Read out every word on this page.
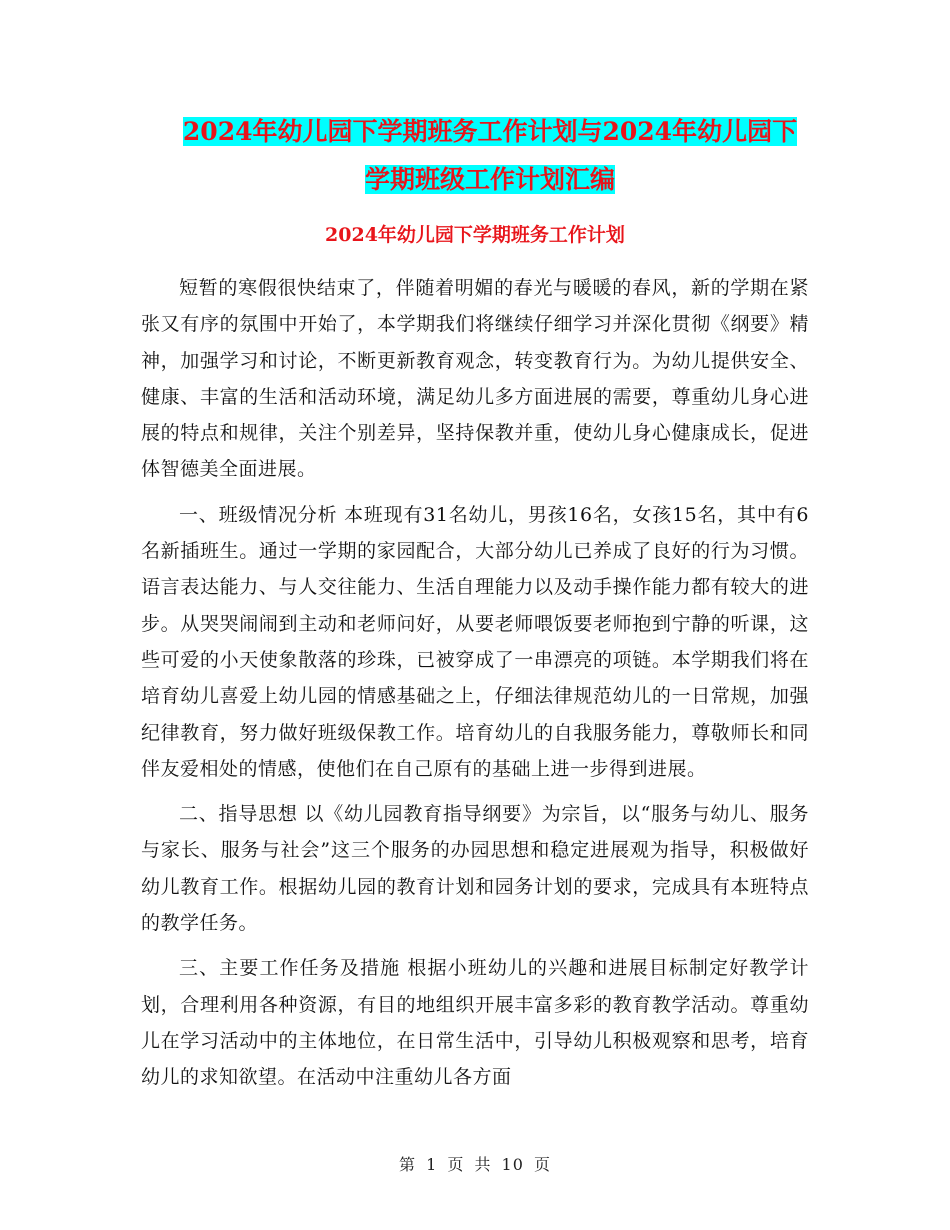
2024年幼儿园下学期班务工作计划与2024年幼儿园下
学期班级工作计划汇编
2024年幼儿园下学期班务工作计划

短暂的寒假很快结束了，伴随着明媚的春光与暖暖的春风，新的学期在紧张又有序的氛围中开始了，本学期我们将继续仔细学习并深化贯彻《纲要》精神，加强学习和讨论，不断更新教育观念，转变教育行为。为幼儿提供安全、健康、丰富的生活和活动环境，满足幼儿多方面进展的需要，尊重幼儿身心进展的特点和规律，关注个别差异，坚持保教并重，使幼儿身心健康成长，促进体智德美全面进展。

一、班级情况分析 本班现有31名幼儿，男孩16名，女孩15名，其中有6名新插班生。通过一学期的家园配合，大部分幼儿已养成了良好的行为习惯。语言表达能力、与人交往能力、生活自理能力以及动手操作能力都有较大的进步。从哭哭闹闹到主动和老师问好，从要老师喂饭要老师抱到宁静的听课，这些可爱的小天使象散落的珍珠，已被穿成了一串漂亮的项链。本学期我们将在培育幼儿喜爱上幼儿园的情感基础之上，仔细法律规范幼儿的一日常规，加强纪律教育，努力做好班级保教工作。培育幼儿的自我服务能力，尊敬师长和同伴友爱相处的情感，使他们在自己原有的基础上进一步得到进展。

二、指导思想 以《幼儿园教育指导纲要》为宗旨，以“服务与幼儿、服务与家长、服务与社会”这三个服务的办园思想和稳定进展观为指导，积极做好幼儿教育工作。根据幼儿园的教育计划和园务计划的要求，完成具有本班特点的教学任务。

三、主要工作任务及措施 根据小班幼儿的兴趣和进展目标制定好教学计划，合理利用各种资源，有目的地组织开展丰富多彩的教育教学活动。尊重幼儿在学习活动中的主体地位，在日常生活中，引导幼儿积极观察和思考，培育幼儿的求知欲望。在活动中注重幼儿各方面

第 1 页 共 10 页
